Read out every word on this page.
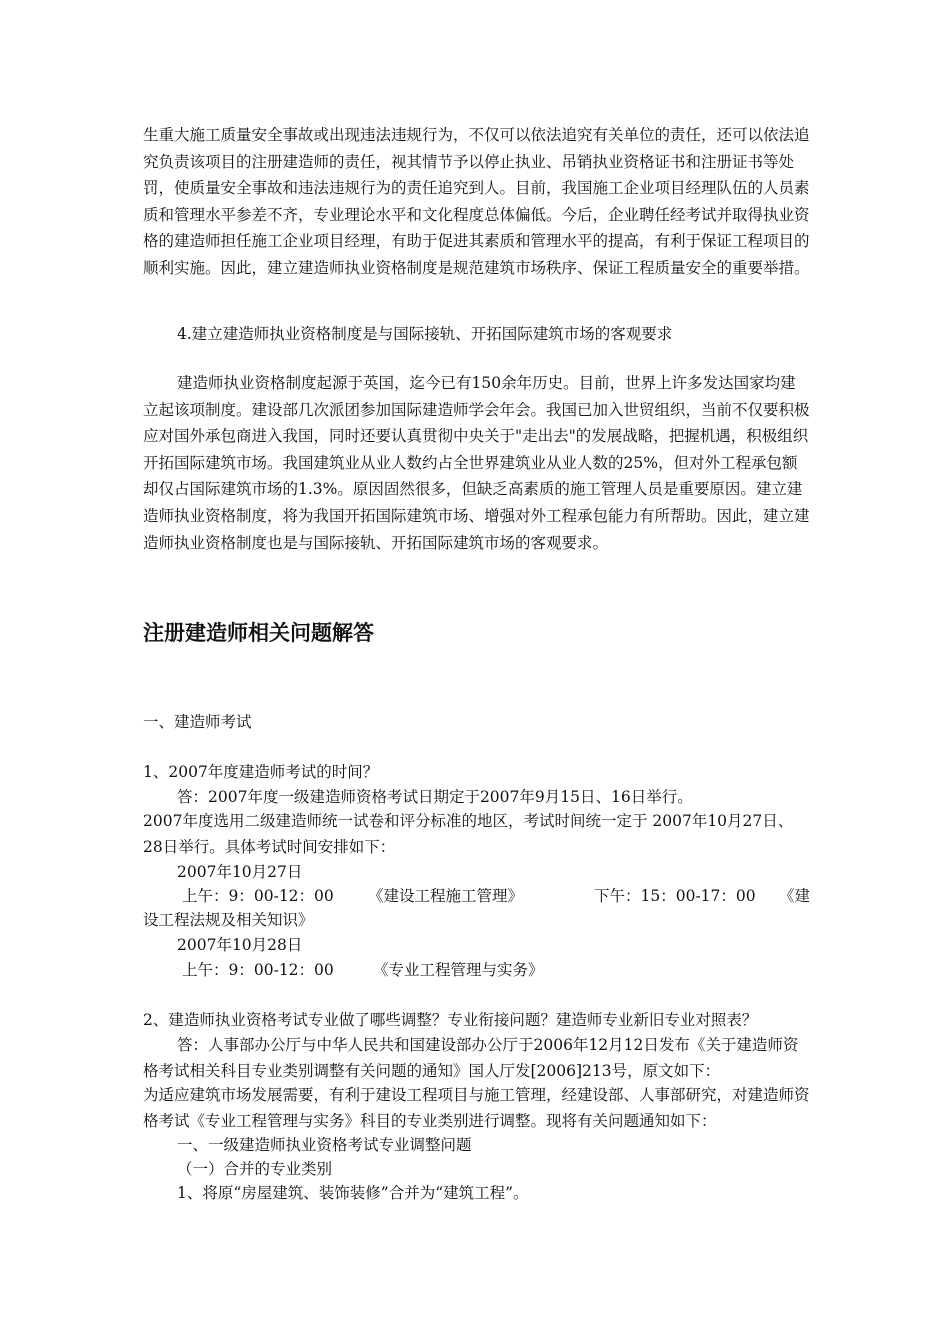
生重大施工质量安全事故或出现违法违规行为，不仅可以依法追究有关单位的责任，还可以依法追究负责该项目的注册建造师的责任，视其情节予以停止执业、吊销执业资格证书和注册证书等处罚，使质量安全事故和违法违规行为的责任追究到人。目前，我国施工企业项目经理队伍的人员素质和管理水平参差不齐，专业理论水平和文化程度总体偏低。今后，企业聘任经考试并取得执业资格的建造师担任施工企业项目经理，有助于促进其素质和管理水平的提高，有利于保证工程项目的顺利实施。因此，建立建造师执业资格制度是规范建筑市场秩序、保证工程质量安全的重要举措。
4.建立建造师执业资格制度是与国际接轨、开拓国际建筑市场的客观要求
建造师执业资格制度起源于英国，迄今已有150余年历史。目前，世界上许多发达国家均建立起该项制度。建设部几次派团参加国际建造师学会年会。我国已加入世贸组织，当前不仅要积极应对国外承包商进入我国，同时还要认真贯彻中央关于"走出去"的发展战略，把握机遇，积极组织开拓国际建筑市场。我国建筑业从业人数约占全世界建筑业从业人数的25%，但对外工程承包额却仅占国际建筑市场的1.3%。原因固然很多，但缺乏高素质的施工管理人员是重要原因。建立建造师执业资格制度，将为我国开拓国际建筑市场、增强对外工程承包能力有所帮助。因此，建立建造师执业资格制度也是与国际接轨、开拓国际建筑市场的客观要求。
注册建造师相关问题解答
一、建造师考试
1、2007年度建造师考试的时间？
答：2007年度一级建造师资格考试日期定于2007年9月15日、16日举行。
2007年度选用二级建造师统一试卷和评分标准的地区，考试时间统一定于 2007年10月27日、28日举行。具体考试时间安排如下：
2007年10月27日
上午：9：00-12：00 《建设工程施工管理》	下午：15：00-17：00 《建
设工程法规及相关知识》
2007年10月28日
上午：9：00-12：00	《专业工程管理与实务》
2、建造师执业资格考试专业做了哪些调整？专业衔接问题？建造师专业新旧专业对照表？
答：人事部办公厅与中华人民共和国建设部办公厅于2006年12月12日发布《关于建造师资格考试相关科目专业类别调整有关问题的通知》国人厅发[2006]213号，原文如下：
为适应建筑市场发展需要，有利于建设工程项目与施工管理，经建设部、人事部研究，对建造师资格考试《专业工程管理与实务》科目的专业类别进行调整。现将有关问题通知如下：
一、一级建造师执业资格考试专业调整问题
（一）合并的专业类别
1、将原“房屋建筑、装饰装修”合并为“建筑工程”。
